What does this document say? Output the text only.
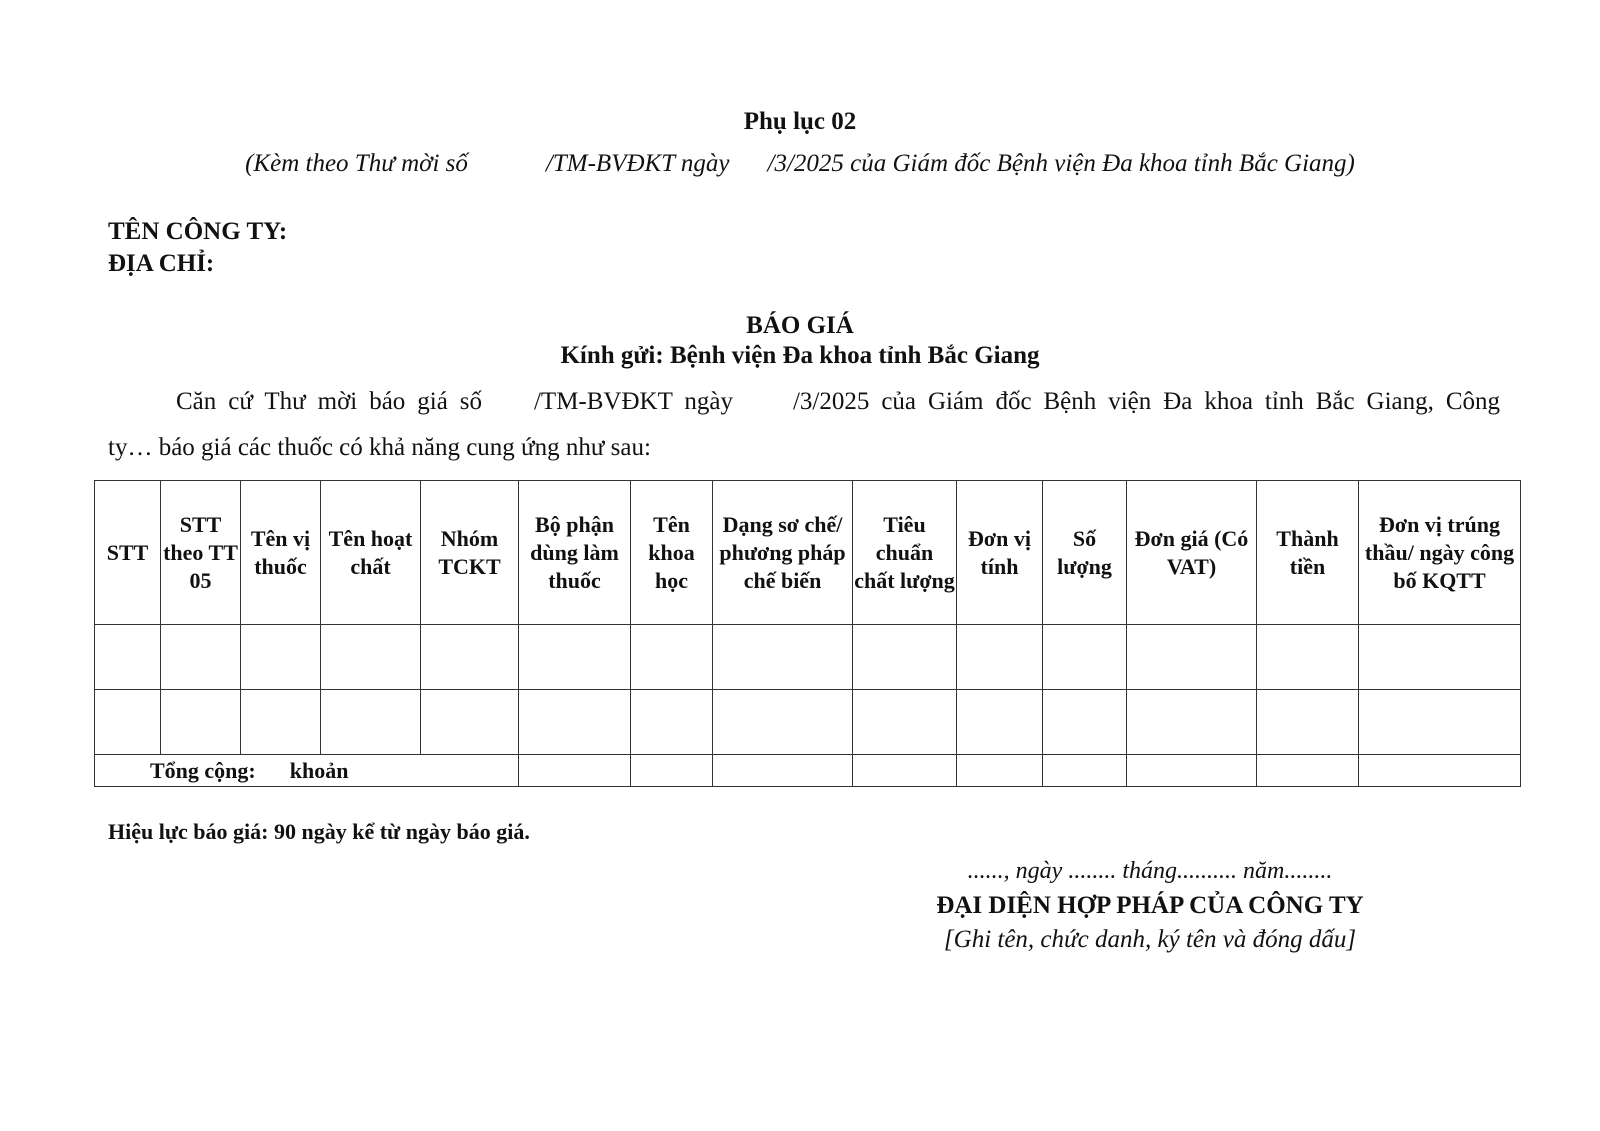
Phụ lục 02
(Kèm theo Thư mời số	/TM-BVĐKT ngày /3/2025 của Giám đốc Bệnh viện Đa khoa tỉnh Bắc Giang)
TÊN CÔNG TY:
ĐỊA CHỈ:
BÁO GIÁ
Kính gửi: Bệnh viện Đa khoa tỉnh Bắc Giang
Căn cứ Thư mời báo giá số /TM-BVĐKT ngày /3/2025 của Giám đốc Bệnh viện Đa khoa tỉnh Bắc Giang, Công
ty… báo giá các thuốc có khả năng cung ứng như sau:
STT	STT theo TT 05	Tên vị thuốc	Tên hoạt chất	Nhóm TCKT	Bộ phận dùng làm thuốc	Tên khoa học	Dạng sơ chế/ phương pháp chế biến	Tiêu chuẩn chất lượng	Đơn vị tính	Số lượng	Đơn giá (Có VAT)	Thành tiền	Đơn vị trúng thầu/ ngày công bố KQTT

Tổng cộng: khoản													
Hiệu lực báo giá: 90 ngày kể từ ngày báo giá.
......, ngày ........ tháng.......... năm........
ĐẠI DIỆN HỢP PHÁP CỦA CÔNG TY
[Ghi tên, chức danh, ký tên và đóng dấu]
